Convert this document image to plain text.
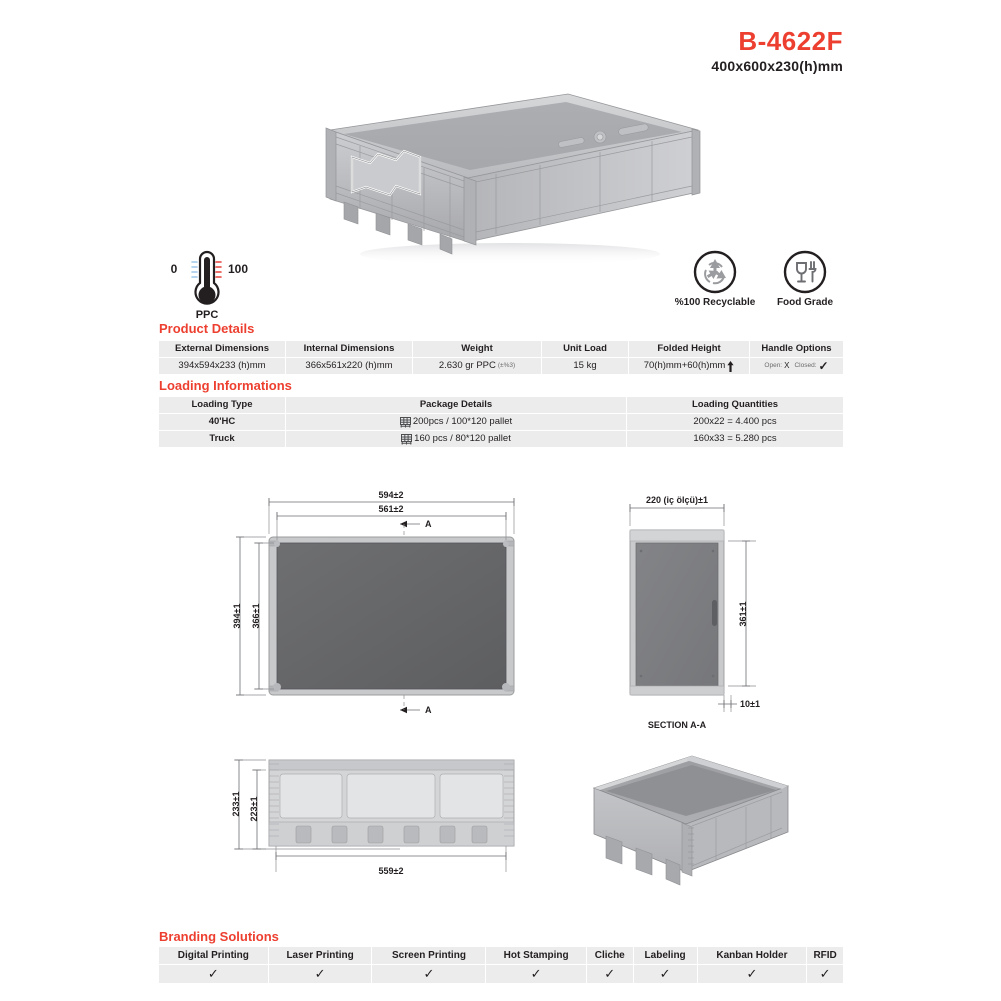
B-4622F
400x600x230(h)mm
0	100
PPC
%100 Recyclable	Food Grade
Product Details
External Dimensions	Internal Dimensions	Weight	Unit Load	Folded Height	Handle Options
394x594x233 (h)mm	366x561x220 (h)mm	2.630 gr PPC (±%3)	15 kg	70(h)mm+60(h)mm	Open: X Closed: ✓
Loading Informations
Loading Type	Package Details	Loading Quantities
40'HC	200pcs / 100*120 pallet	200x22 = 4.400 pcs
Truck	160 pcs / 80*120 pallet	160x33 = 5.280 pcs
594±2
561±2
394±1 366±1
A
A
220 (iç ölçü)±1
361±1
10±1
SECTION A-A
233±1 223±1
559±2
Branding Solutions
Digital Printing	Laser Printing	Screen Printing	Hot Stamping	Cliche	Labeling	Kanban Holder	RFID
✓	✓	✓	✓	✓	✓	✓	✓
